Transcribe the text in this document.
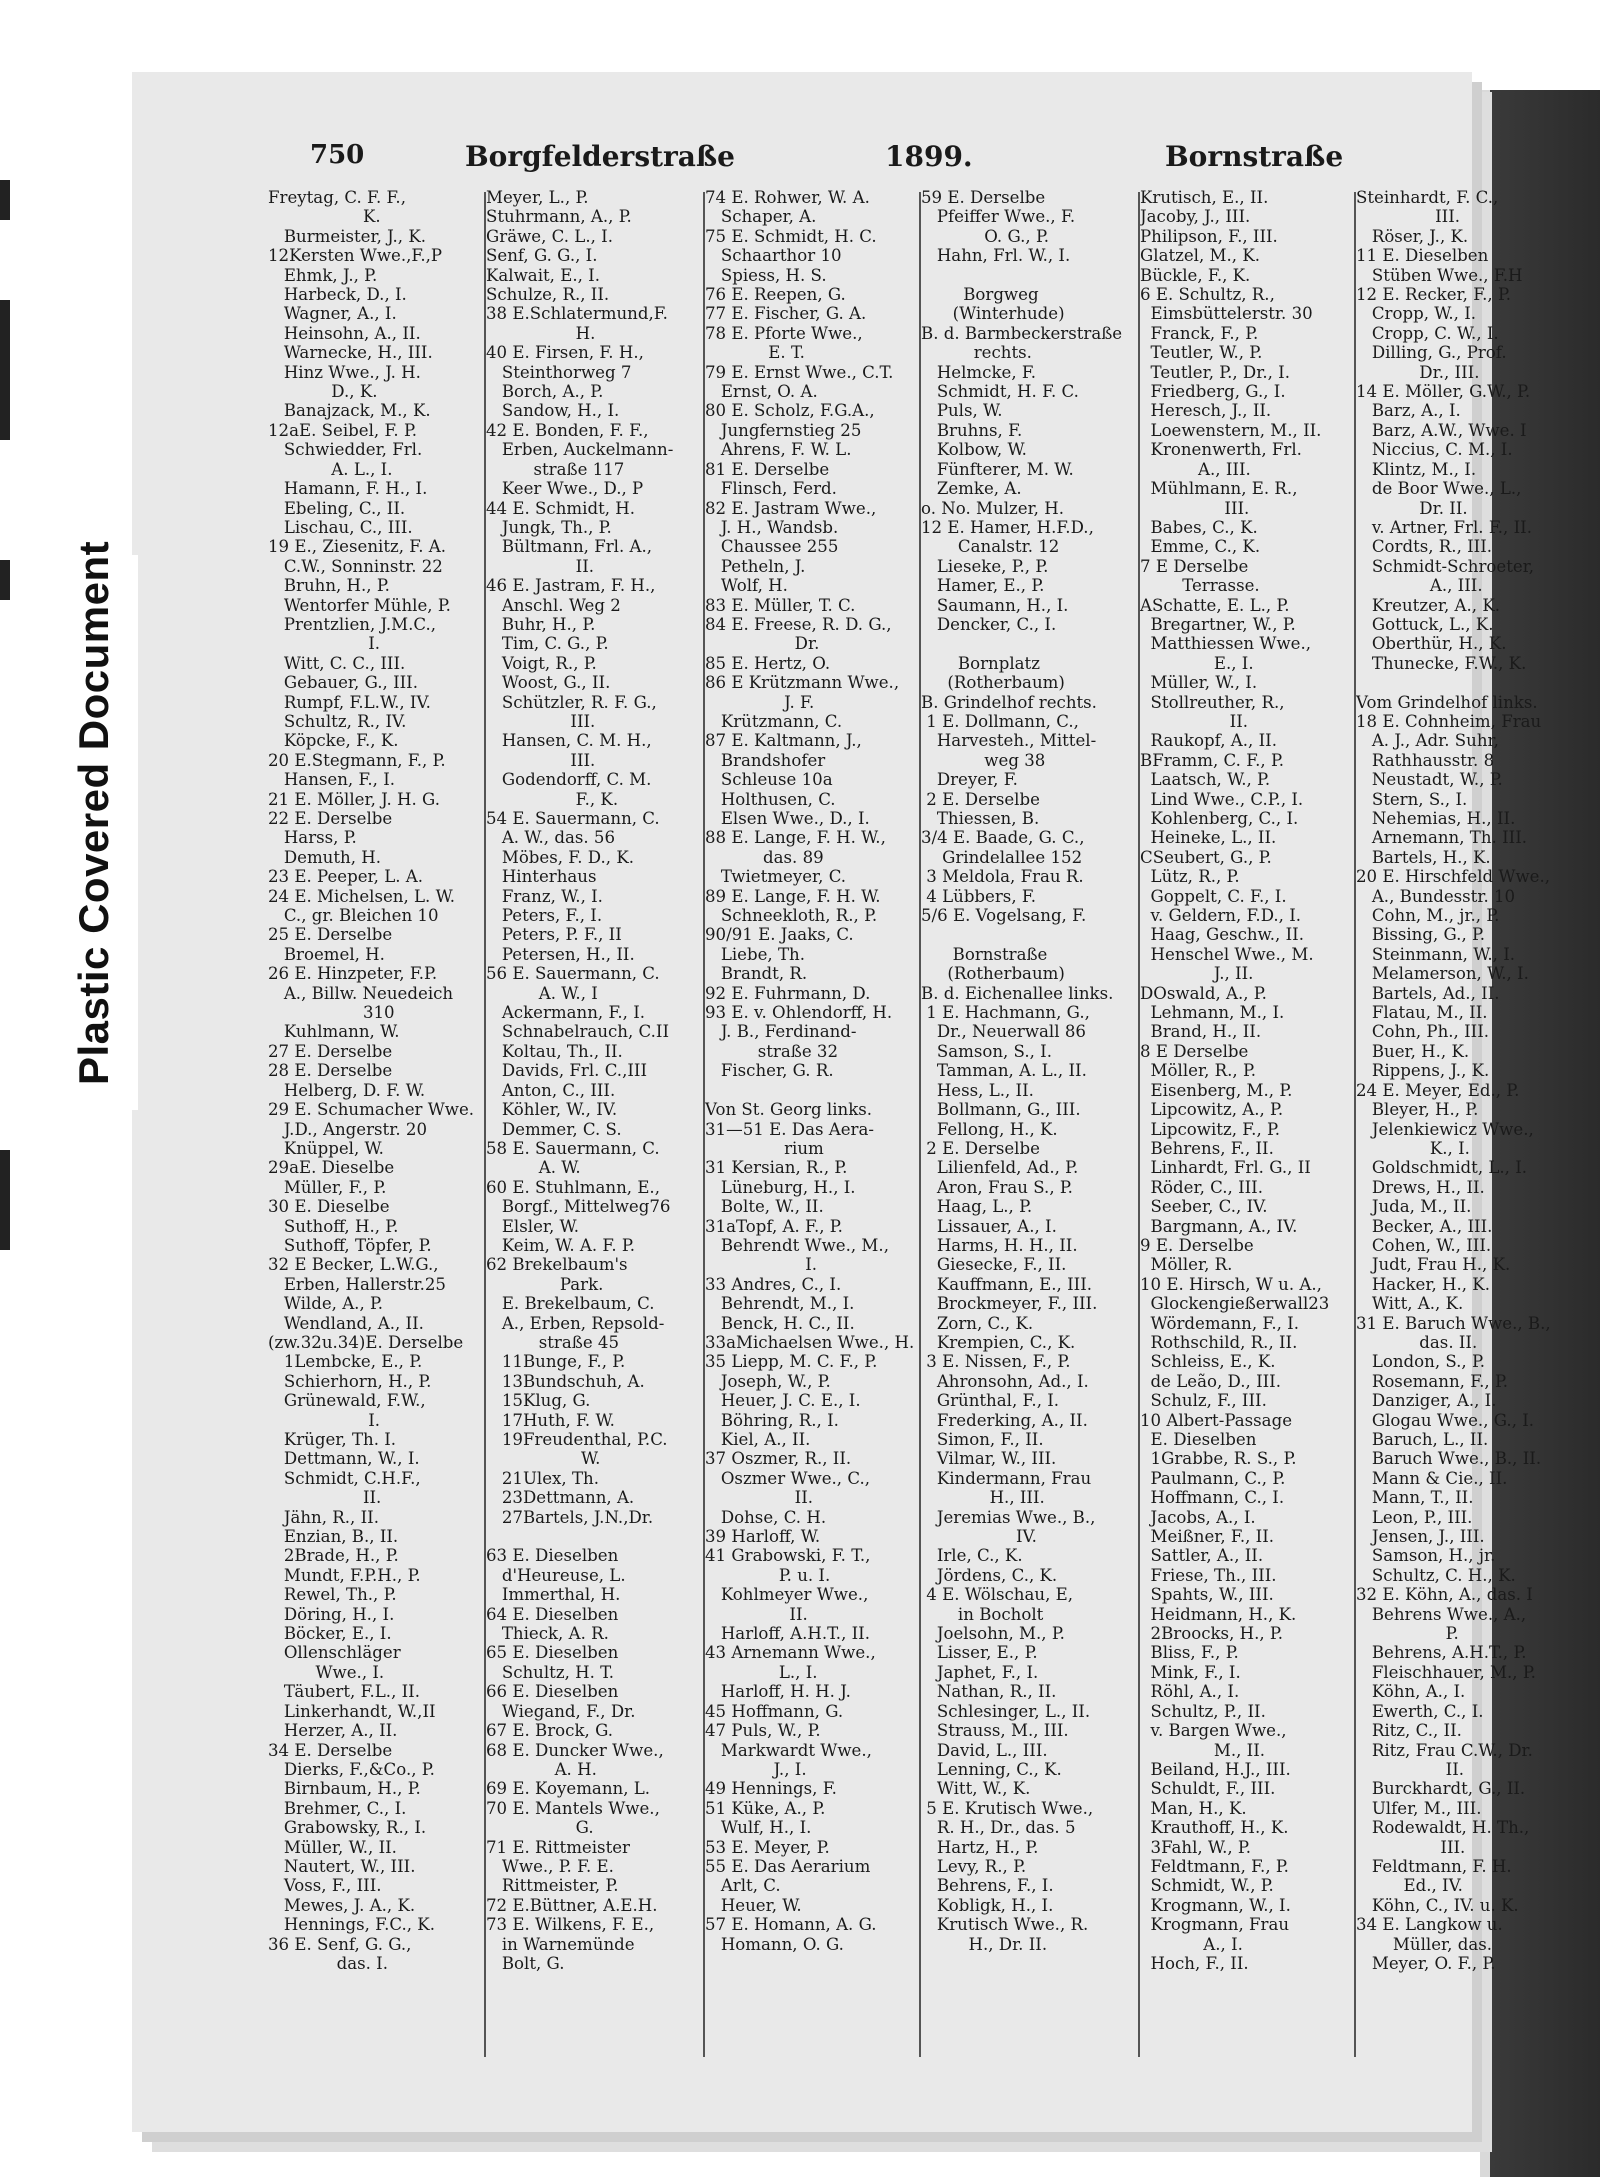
Plastic Covered Document
750	Borgfelderstraße	1899.	Bornstraße
Freytag, C. F. F.,
K.
Burmeister, J., K.
12Kersten Wwe.,F.,P
Ehmk, J., P.
Harbeck, D., I.
Wagner, A., I.
Heinsohn, A., II.
Warnecke, H., III.
Hinz Wwe., J. H.
D., K.
Banajzack, M., K.
12aE. Seibel, F. P.
Schwiedder, Frl.
A. L., I.
Hamann, F. H., I.
Ebeling, C., II.
Lischau, C., III.
19 E., Ziesenitz, F. A.
C.W., Sonninstr. 22
Bruhn, H., P.
Wentorfer Mühle, P.
Prentzlien, J.M.C.,
I.
Witt, C. C., III.
Gebauer, G., III.
Rumpf, F.L.W., IV.
Schultz, R., IV.
Köpcke, F., K.
20 E.Stegmann, F., P.
Hansen, F., I.
21 E. Möller, J. H. G.
22 E. Derselbe
Harss, P.
Demuth, H.
23 E. Peeper, L. A.
24 E. Michelsen, L. W.
C., gr. Bleichen 10
25 E. Derselbe
Broemel, H.
26 E. Hinzpeter, F.P.
A., Billw. Neuedeich
310
Kuhlmann, W.
27 E. Derselbe
28 E. Derselbe
Helberg, D. F. W.
29 E. Schumacher Wwe.
J.D., Angerstr. 20
Knüppel, W.
29aE. Dieselbe
Müller, F., P.
30 E. Dieselbe
Suthoff, H., P.
Suthoff, Töpfer, P.
32 E Becker, L.W.G.,
Erben, Hallerstr.25
Wilde, A., P.
Wendland, A., II.
(zw.32u.34)E. Derselbe
1Lembcke, E., P.
Schierhorn, H., P.
Grünewald, F.W.,
I.
Krüger, Th. I.
Dettmann, W., I.
Schmidt, C.H.F.,
II.
Jähn, R., II.
Enzian, B., II.
2Brade, H., P.
Mundt, F.P.H., P.
Rewel, Th., P.
Döring, H., I.
Böcker, E., I.
Ollenschläger
Wwe., I.
Täubert, F.L., II.
Linkerhandt, W.,II
Herzer, A., II.
34 E. Derselbe
Dierks, F.,&Co., P.
Birnbaum, H., P.
Brehmer, C., I.
Grabowsky, R., I.
Müller, W., II.
Nautert, W., III.
Voss, F., III.
Mewes, J. A., K.
Hennings, F.C., K.
36 E. Senf, G. G.,
das. I.
Meyer, L., P.
Stuhrmann, A., P.
Gräwe, C. L., I.
Senf, G. G., I.
Kalwait, E., I.
Schulze, R., II.
38 E.Schlatermund,F.
H.
40 E. Firsen, F. H.,
Steinthorweg 7
Borch, A., P.
Sandow, H., I.
42 E. Bonden, F. F.,
Erben, Auckelmann-
straße 117
Keer Wwe., D., P
44 E. Schmidt, H.
Jungk, Th., P.
Bültmann, Frl. A.,
II.
46 E. Jastram, F. H.,
Anschl. Weg 2
Buhr, H., P.
Tim, C. G., P.
Voigt, R., P.
Woost, G., II.
Schützler, R. F. G.,
III.
Hansen, C. M. H.,
III.
Godendorff, C. M.
F., K.
54 E. Sauermann, C.
A. W., das. 56
Möbes, F. D., K.
Hinterhaus
Franz, W., I.
Peters, F., I.
Peters, P. F., II
Petersen, H., II.
56 E. Sauermann, C.
A. W., I
Ackermann, F., I.
Schnabelrauch, C.II
Koltau, Th., II.
Davids, Frl. C.,III
Anton, C., III.
Köhler, W., IV.
Demmer, C. S.
58 E. Sauermann, C.
A. W.
60 E. Stuhlmann, E.,
Borgf., Mittelweg76
Elsler, W.
Keim, W. A. F. P.
62 Brekelbaum's
Park.
E. Brekelbaum, C.
A., Erben, Repsold-
straße 45
11Bunge, F., P.
13Bundschuh, A.
15Klug, G.
17Huth, F. W.
19Freudenthal, P.C.
W.
21Ulex, Th.
23Dettmann, A.
27Bartels, J.N.,Dr.

63 E. Dieselben
d'Heureuse, L.
Immerthal, H.
64 E. Dieselben
Thieck, A. R.
65 E. Dieselben
Schultz, H. T.
66 E. Dieselben
Wiegand, F., Dr.
67 E. Brock, G.
68 E. Duncker Wwe.,
A. H.
69 E. Koyemann, L.
70 E. Mantels Wwe.,
G.
71 E. Rittmeister
Wwe., P. F. E.
Rittmeister, P.
72 E.Büttner, A.E.H.
73 E. Wilkens, F. E.,
in Warnemünde
Bolt, G.
74 E. Rohwer, W. A.
Schaper, A.
75 E. Schmidt, H. C.
Schaarthor 10
Spiess, H. S.
76 E. Reepen, G.
77 E. Fischer, G. A.
78 E. Pforte Wwe.,
E. T.
79 E. Ernst Wwe., C.T.
Ernst, O. A.
80 E. Scholz, F.G.A.,
Jungfernstieg 25
Ahrens, F. W. L.
81 E. Derselbe
Flinsch, Ferd.
82 E. Jastram Wwe.,
J. H., Wandsb.
Chaussee 255
Petheln, J.
Wolf, H.
83 E. Müller, T. C.
84 E. Freese, R. D. G.,
Dr.
85 E. Hertz, O.
86 E Krützmann Wwe.,
J. F.
Krützmann, C.
87 E. Kaltmann, J.,
Brandshofer
Schleuse 10a
Holthusen, C.
Elsen Wwe., D., I.
88 E. Lange, F. H. W.,
das. 89
Twietmeyer, C.
89 E. Lange, F. H. W.
Schneekloth, R., P.
90/91 E. Jaaks, C.
Liebe, Th.
Brandt, R.
92 E. Fuhrmann, D.
93 E. v. Ohlendorff, H.
J. B., Ferdinand-
straße 32
Fischer, G. R.

Von St. Georg links.
31—51 E. Das Aera-
rium
31 Kersian, R., P.
Lüneburg, H., I.
Bolte, W., II.
31aTopf, A. F., P.
Behrendt Wwe., M.,
I.
33 Andres, C., I.
Behrendt, M., I.
Benck, H. C., II.
33aMichaelsen Wwe., H.
35 Liepp, M. C. F., P.
Joseph, W., P.
Heuer, J. C. E., I.
Böhring, R., I.
Kiel, A., II.
37 Oszmer, R., II.
Oszmer Wwe., C.,
II.
Dohse, C. H.
39 Harloff, W.
41 Grabowski, F. T.,
P. u. I.
Kohlmeyer Wwe.,
II.
Harloff, A.H.T., II.
43 Arnemann Wwe.,
L., I.
Harloff, H. H. J.
45 Hoffmann, G.
47 Puls, W., P.
Markwardt Wwe.,
J., I.
49 Hennings, F.
51 Küke, A., P.
Wulf, H., I.
53 E. Meyer, P.
55 E. Das Aerarium
Arlt, C.
Heuer, W.
57 E. Homann, A. G.
Homann, O. G.
59 E. Derselbe
Pfeiffer Wwe., F.
O. G., P.
Hahn, Frl. W., I.

Borgweg
(Winterhude)
B. d. Barmbeckerstraße
rechts.
Helmcke, F.
Schmidt, H. F. C.
Puls, W.
Bruhns, F.
Kolbow, W.
Fünfterer, M. W.
Zemke, A.
o. No. Mulzer, H.
12 E. Hamer, H.F.D.,
Canalstr. 12
Lieseke, P., P.
Hamer, E., P.
Saumann, H., I.
Dencker, C., I.

Bornplatz
(Rotherbaum)
B. Grindelhof rechts.
1 E. Dollmann, C.,
Harvesteh., Mittel-
weg 38
Dreyer, F.
2 E. Derselbe
Thiessen, B.
3/4 E. Baade, G. C.,
Grindelallee 152
3 Meldola, Frau R.
4 Lübbers, F.
5/6 E. Vogelsang, F.

Bornstraße
(Rotherbaum)
B. d. Eichenallee links.
1 E. Hachmann, G.,
Dr., Neuerwall 86
Samson, S., I.
Tamman, A. L., II.
Hess, L., II.
Bollmann, G., III.
Fellong, H., K.
2 E. Derselbe
Lilienfeld, Ad., P.
Aron, Frau S., P.
Haag, L., P.
Lissauer, A., I.
Harms, H. H., II.
Giesecke, F., II.
Kauffmann, E., III.
Brockmeyer, F., III.
Zorn, C., K.
Krempien, C., K.
3 E. Nissen, F., P.
Ahronsohn, Ad., I.
Grünthal, F., I.
Frederking, A., II.
Simon, F., II.
Vilmar, W., III.
Kindermann, Frau
H., III.
Jeremias Wwe., B.,
IV.
Irle, C., K.
Jördens, C., K.
4 E. Wölschau, E,
in Bocholt
Joelsohn, M., P.
Lisser, E., P.
Japhet, F., I.
Nathan, R., II.
Schlesinger, L., II.
Strauss, M., III.
David, L., III.
Lenning, C., K.
Witt, W., K.
5 E. Krutisch Wwe.,
R. H., Dr., das. 5
Hartz, H., P.
Levy, R., P.
Behrens, F., I.
Kobligk, H., I.
Krutisch Wwe., R.
H., Dr. II.
Krutisch, E., II.
Jacoby, J., III.
Philipson, F., III.
Glatzel, M., K.
Bückle, F., K.
6 E. Schultz, R.,
Eimsbüttelerstr. 30
Franck, F., P.
Teutler, W., P.
Teutler, P., Dr., I.
Friedberg, G., I.
Heresch, J., II.
Loewenstern, M., II.
Kronenwerth, Frl.
A., III.
Mühlmann, E. R.,
III.
Babes, C., K.
Emme, C., K.
7 E Derselbe
Terrasse.
ASchatte, E. L., P.
Bregartner, W., P.
Matthiessen Wwe.,
E., I.
Müller, W., I.
Stollreuther, R.,
II.
Raukopf, A., II.
BFramm, C. F., P.
Laatsch, W., P.
Lind Wwe., C.P., I.
Kohlenberg, C., I.
Heineke, L., II.
CSeubert, G., P.
Lütz, R., P.
Goppelt, C. F., I.
v. Geldern, F.D., I.
Haag, Geschw., II.
Henschel Wwe., M.
J., II.
DOswald, A., P.
Lehmann, M., I.
Brand, H., II.
8 E Derselbe
Möller, R., P.
Eisenberg, M., P.
Lipcowitz, A., P.
Lipcowitz, F., P.
Behrens, F., II.
Linhardt, Frl. G., II
Röder, C., III.
Seeber, C., IV.
Bargmann, A., IV.
9 E. Derselbe
Möller, R.
10 E. Hirsch, W u. A.,
Glockengießerwall23
Wördemann, F., I.
Rothschild, R., II.
Schleiss, E., K.
de Leão, D., III.
Schulz, F., III.
10 Albert-Passage
E. Dieselben
1Grabbe, R. S., P.
Paulmann, C., P.
Hoffmann, C., I.
Jacobs, A., I.
Meißner, F., II.
Sattler, A., II.
Friese, Th., III.
Spahts, W., III.
Heidmann, H., K.
2Broocks, H., P.
Bliss, F., P.
Mink, F., I.
Röhl, A., I.
Schultz, P., II.
v. Bargen Wwe.,
M., II.
Beiland, H.J., III.
Schuldt, F., III.
Man, H., K.
Krauthoff, H., K.
3Fahl, W., P.
Feldtmann, F., P.
Schmidt, W., P.
Krogmann, W., I.
Krogmann, Frau
A., I.
Hoch, F., II.
Steinhardt, F. C.,
III.
Röser, J., K.
11 E. Dieselben
Stüben Wwe., F.H
12 E. Recker, F., P.
Cropp, W., I.
Cropp, C. W., I.
Dilling, G., Prof.
Dr., III.
14 E. Möller, G.W., P.
Barz, A., I.
Barz, A.W., Wwe. I
Niccius, C. M., I.
Klintz, M., I.
de Boor Wwe., L.,
Dr. II.
v. Artner, Frl. F., II.
Cordts, R., III.
Schmidt-Schroeter,
A., III.
Kreutzer, A., K.
Gottuck, L., K.
Oberthür, H., K.
Thunecke, F.W., K.

Vom Grindelhof links.
18 E. Cohnheim, Frau
A. J., Adr. Suhr,
Rathhausstr. 8
Neustadt, W., P.
Stern, S., I.
Nehemias, H., II.
Arnemann, Th. III.
Bartels, H., K.
20 E. Hirschfeld Wwe.,
A., Bundesstr. 10
Cohn, M., jr., P.
Bissing, G., P.
Steinmann, W., I.
Melamerson, W., I.
Bartels, Ad., II.
Flatau, M., II.
Cohn, Ph., III.
Buer, H., K.
Rippens, J., K.
24 E. Meyer, Ed., P.
Bleyer, H., P.
Jelenkiewicz Wwe.,
K., I.
Goldschmidt, L., I.
Drews, H., II.
Juda, M., II.
Becker, A., III.
Cohen, W., III.
Judt, Frau H., K.
Hacker, H., K.
Witt, A., K.
31 E. Baruch Wwe., B.,
das. II.
London, S., P.
Rosemann, F., P.
Danziger, A., I.
Glogau Wwe., G., I.
Baruch, L., II.
Baruch Wwe., B., II.
Mann & Cie., II.
Mann, T., II.
Leon, P., III.
Jensen, J., III.
Samson, H., jr.
Schultz, C. H., K.
32 E. Köhn, A., das. I
Behrens Wwe., A.,
P.
Behrens, A.H.T., P.
Fleischhauer, M., P.
Köhn, A., I.
Ewerth, C., I.
Ritz, C., II.
Ritz, Frau C.W., Dr.
II.
Burckhardt, G., II.
Ulfer, M., III.
Rodewaldt, H. Th.,
III.
Feldtmann, F. H.
Ed., IV.
Köhn, C., IV. u. K.
34 E. Langkow u.
Müller, das.
Meyer, O. F., P.
